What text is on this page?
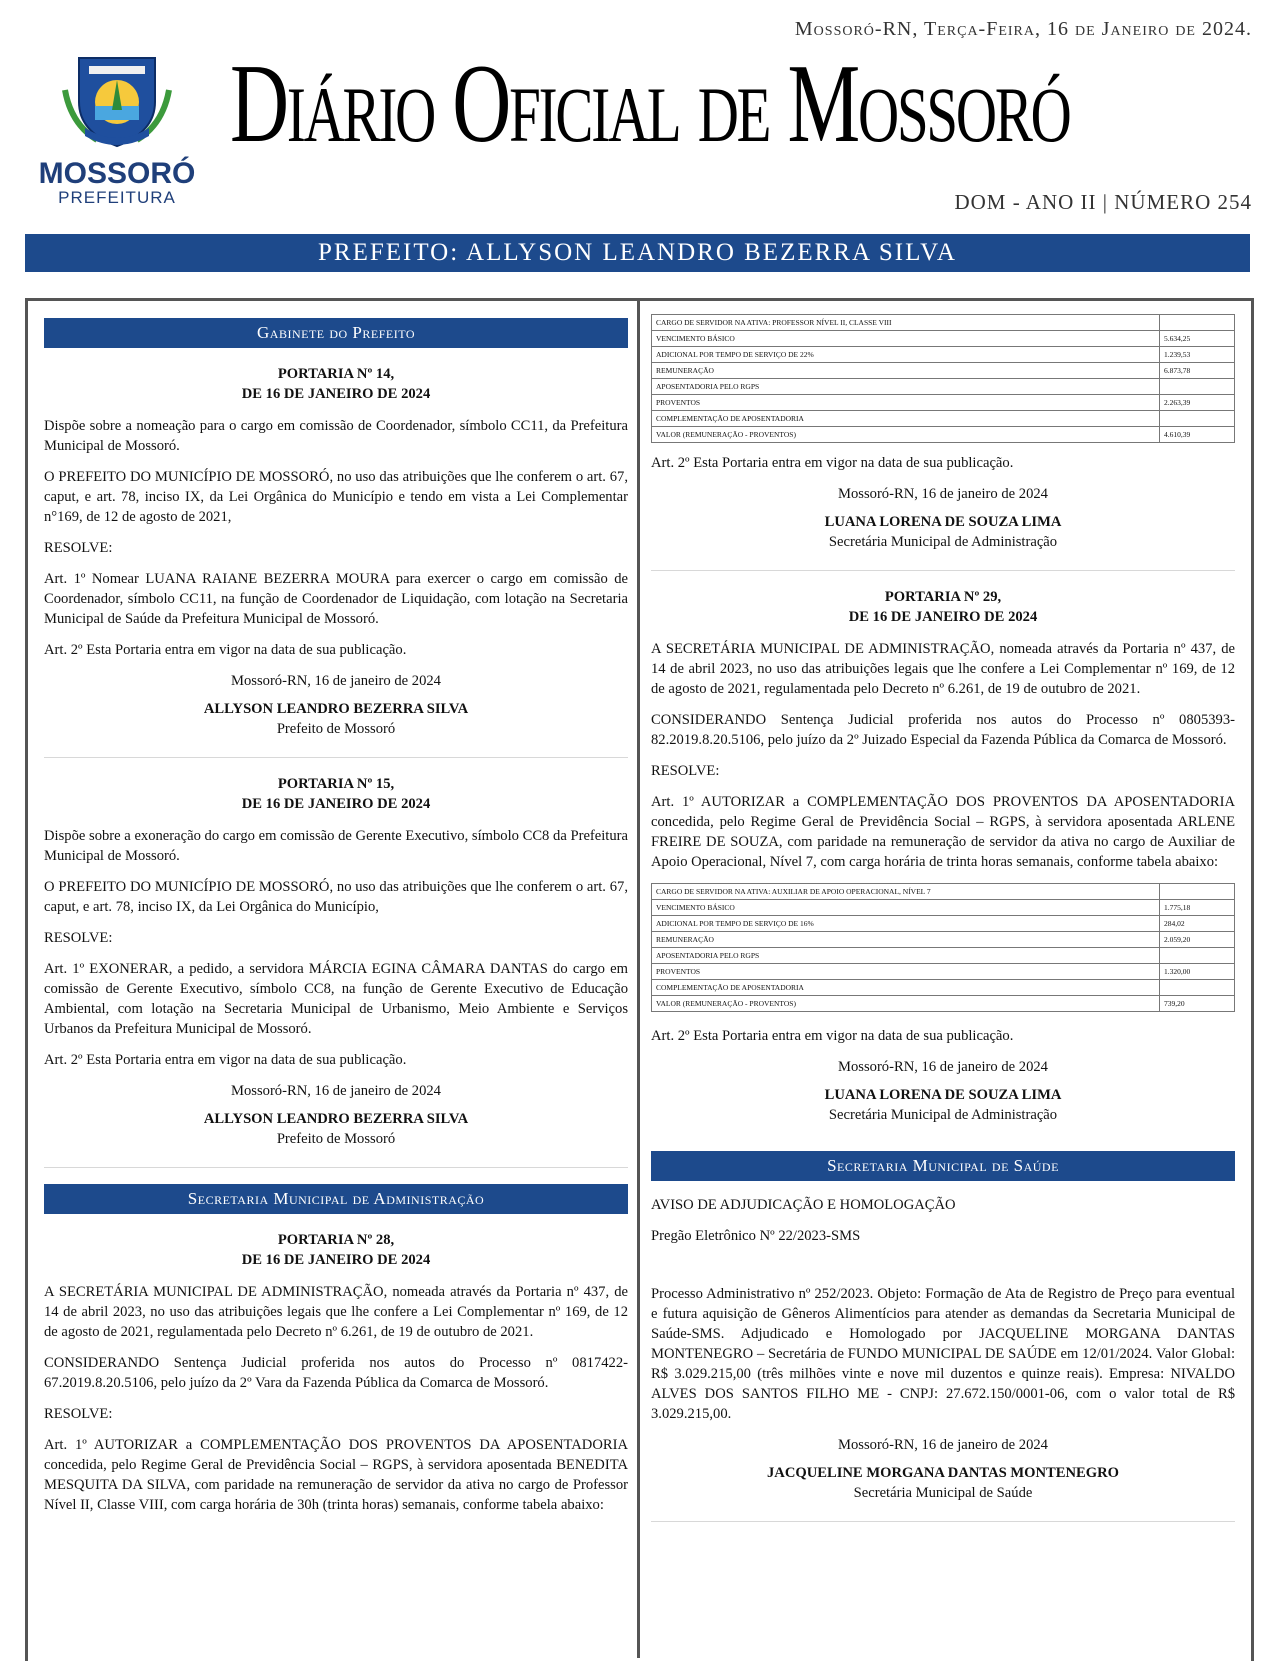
MOSSORÓ
PREFEITURA
Mossoró-RN, Terça-Feira, 16 de Janeiro de 2024.
Diário Oficial de Mossoró
DOM - ANO II | NÚMERO 254
PREFEITO: ALLYSON LEANDRO BEZERRA SILVA
Gabinete do Prefeito
PORTARIA Nº 14,
DE 16 DE JANEIRO DE 2024

Dispõe sobre a nomeação para o cargo em comissão de Coordenador, símbolo CC11, da Prefeitura Municipal de Mossoró.

O PREFEITO DO MUNICÍPIO DE MOSSORÓ, no uso das atribuições que lhe conferem o art. 67, caput, e art. 78, inciso IX, da Lei Orgânica do Município e tendo em vista a Lei Complementar n°169, de 12 de agosto de 2021,

RESOLVE:

Art. 1º Nomear LUANA RAIANE BEZERRA MOURA para exercer o cargo em comissão de Coordenador, símbolo CC11, na função de Coordenador de Liquidação, com lotação na Secretaria Municipal de Saúde da Prefeitura Municipal de Mossoró.

Art. 2º Esta Portaria entra em vigor na data de sua publicação.

Mossoró-RN, 16 de janeiro de 2024
ALLYSON LEANDRO BEZERRA SILVA
Prefeito de Mossoró
PORTARIA Nº 15,
DE 16 DE JANEIRO DE 2024

Dispõe sobre a exoneração do cargo em comissão de Gerente Executivo, símbolo CC8 da Prefeitura Municipal de Mossoró.

O PREFEITO DO MUNICÍPIO DE MOSSORÓ, no uso das atribuições que lhe conferem o art. 67, caput, e art. 78, inciso IX, da Lei Orgânica do Município,

RESOLVE:

Art. 1º EXONERAR, a pedido, a servidora MÁRCIA EGINA CÂMARA DANTAS do cargo em comissão de Gerente Executivo, símbolo CC8, na função de Gerente Executivo de Educação Ambiental, com lotação na Secretaria Municipal de Urbanismo, Meio Ambiente e Serviços Urbanos da Prefeitura Municipal de Mossoró.

Art. 2º Esta Portaria entra em vigor na data de sua publicação.

Mossoró-RN, 16 de janeiro de 2024
ALLYSON LEANDRO BEZERRA SILVA
Prefeito de Mossoró
Secretaria Municipal de Administração
PORTARIA Nº 28,
DE 16 DE JANEIRO DE 2024

A SECRETÁRIA MUNICIPAL DE ADMINISTRAÇÃO, nomeada através da Portaria nº 437, de 14 de abril 2023, no uso das atribuições legais que lhe confere a Lei Complementar nº 169, de 12 de agosto de 2021, regulamentada pelo Decreto nº 6.261, de 19 de outubro de 2021.

CONSIDERANDO Sentença Judicial proferida nos autos do Processo nº 0817422-67.2019.8.20.5106, pelo juízo da 2º Vara da Fazenda Pública da Comarca de Mossoró.

RESOLVE:

Art. 1º AUTORIZAR a COMPLEMENTAÇÃO DOS PROVENTOS DA APOSENTADORIA concedida, pelo Regime Geral de Previdência Social – RGPS, à servidora aposentada BENEDITA MESQUITA DA SILVA, com paridade na remuneração de servidor da ativa no cargo de Professor Nível II, Classe VIII, com carga horária de 30h (trinta horas) semanais, conforme tabela abaixo:

CARGO DE SERVIDOR NA ATIVA: PROFESSOR NÍVEL II, CLASSE VIII	
VENCIMENTO BÁSICO	5.634,25
ADICIONAL POR TEMPO DE SERVIÇO DE 22%	1.239,53
REMUNERAÇÃO	6.873,78
APOSENTADORIA PELO RGPS	
PROVENTOS	2.263,39
COMPLEMENTAÇÃO DE APOSENTADORIA	
VALOR (REMUNERAÇÃO - PROVENTOS)	4.610,39

Art. 2º Esta Portaria entra em vigor na data de sua publicação.

Mossoró-RN, 16 de janeiro de 2024
LUANA LORENA DE SOUZA LIMA
Secretária Municipal de Administração
PORTARIA Nº 29,
DE 16 DE JANEIRO DE 2024

A SECRETÁRIA MUNICIPAL DE ADMINISTRAÇÃO, nomeada através da Portaria nº 437, de 14 de abril 2023, no uso das atribuições legais que lhe confere a Lei Complementar nº 169, de 12 de agosto de 2021, regulamentada pelo Decreto nº 6.261, de 19 de outubro de 2021.

CONSIDERANDO Sentença Judicial proferida nos autos do Processo nº 0805393-82.2019.8.20.5106, pelo juízo da 2º Juizado Especial da Fazenda Pública da Comarca de Mossoró.

RESOLVE:

Art. 1º AUTORIZAR a COMPLEMENTAÇÃO DOS PROVENTOS DA APOSENTADORIA concedida, pelo Regime Geral de Previdência Social – RGPS, à servidora aposentada ARLENE FREIRE DE SOUZA, com paridade na remuneração de servidor da ativa no cargo de Auxiliar de Apoio Operacional, Nível 7, com carga horária de trinta horas semanais, conforme tabela abaixo:

CARGO DE SERVIDOR NA ATIVA: AUXILIAR DE APOIO OPERACIONAL, NÍVEL 7	
VENCIMENTO BÁSICO	1.775,18
ADICIONAL POR TEMPO DE SERVIÇO DE 16%	284,02
REMUNERAÇÃO	2.059,20
APOSENTADORIA PELO RGPS	
PROVENTOS	1.320,00
COMPLEMENTAÇÃO DE APOSENTADORIA	
VALOR (REMUNERAÇÃO - PROVENTOS)	739,20

Art. 2º Esta Portaria entra em vigor na data de sua publicação.

Mossoró-RN, 16 de janeiro de 2024
LUANA LORENA DE SOUZA LIMA
Secretária Municipal de Administração
Secretaria Municipal de Saúde

AVISO DE ADJUDICAÇÃO E HOMOLOGAÇÃO

Pregão Eletrônico Nº 22/2023-SMS

Processo Administrativo nº 252/2023. Objeto: Formação de Ata de Registro de Preço para eventual e futura aquisição de Gêneros Alimentícios para atender as demandas da Secretaria Municipal de Saúde-SMS. Adjudicado e Homologado por JACQUELINE MORGANA DANTAS MONTENEGRO – Secretária de FUNDO MUNICIPAL DE SAÚDE em 12/01/2024. Valor Global: R$ 3.029.215,00 (três milhões vinte e nove mil duzentos e quinze reais). Empresa: NIVALDO ALVES DOS SANTOS FILHO ME - CNPJ: 27.672.150/0001-06, com o valor total de R$ 3.029.215,00.

Mossoró-RN, 16 de janeiro de 2024
JACQUELINE MORGANA DANTAS MONTENEGRO
Secretária Municipal de Saúde
